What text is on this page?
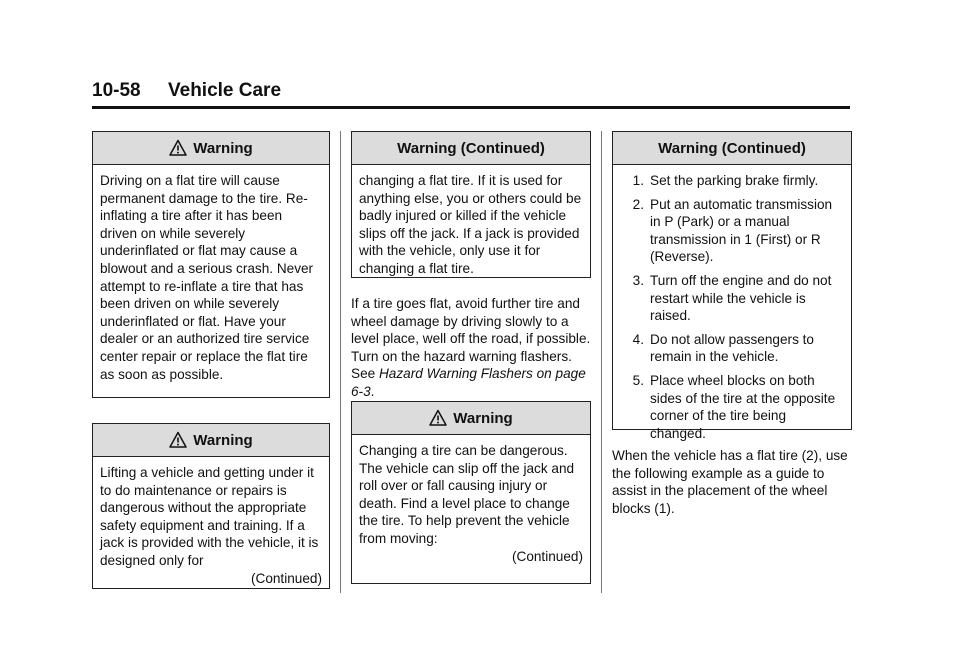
10-58 Vehicle Care
Warning

Driving on a flat tire will cause permanent damage to the tire. Re-inflating a tire after it has been driven on while severely underinflated or flat may cause a blowout and a serious crash. Never attempt to re-inflate a tire that has been driven on while severely underinflated or flat. Have your dealer or an authorized tire service center repair or replace the flat tire as soon as possible.

Warning

Lifting a vehicle and getting under it to do maintenance or repairs is dangerous without the appropriate safety equipment and training. If a jack is provided with the vehicle, it is designed only for

(Continued)

Warning (Continued)

changing a flat tire. If it is used for anything else, you or others could be badly injured or killed if the vehicle slips off the jack. If a jack is provided with the vehicle, only use it for changing a flat tire.

If a tire goes flat, avoid further tire and wheel damage by driving slowly to a level place, well off the road, if possible. Turn on the hazard warning flashers. See Hazard Warning Flashers on page 6-3.
Warning

Changing a tire can be dangerous. The vehicle can slip off the jack and roll over or fall causing injury or death. Find a level place to change the tire. To help prevent the vehicle from moving:

(Continued)

Warning (Continued)
1. Set the parking brake firmly.
2. Put an automatic transmission in P (Park) or a manual transmission in 1 (First) or R (Reverse).
3. Turn off the engine and do not restart while the vehicle is raised.
4. Do not allow passengers to remain in the vehicle.
5. Place wheel blocks on both sides of the tire at the opposite corner of the tire being changed.
When the vehicle has a flat tire (2), use the following example as a guide to assist in the placement of the wheel blocks (1).
